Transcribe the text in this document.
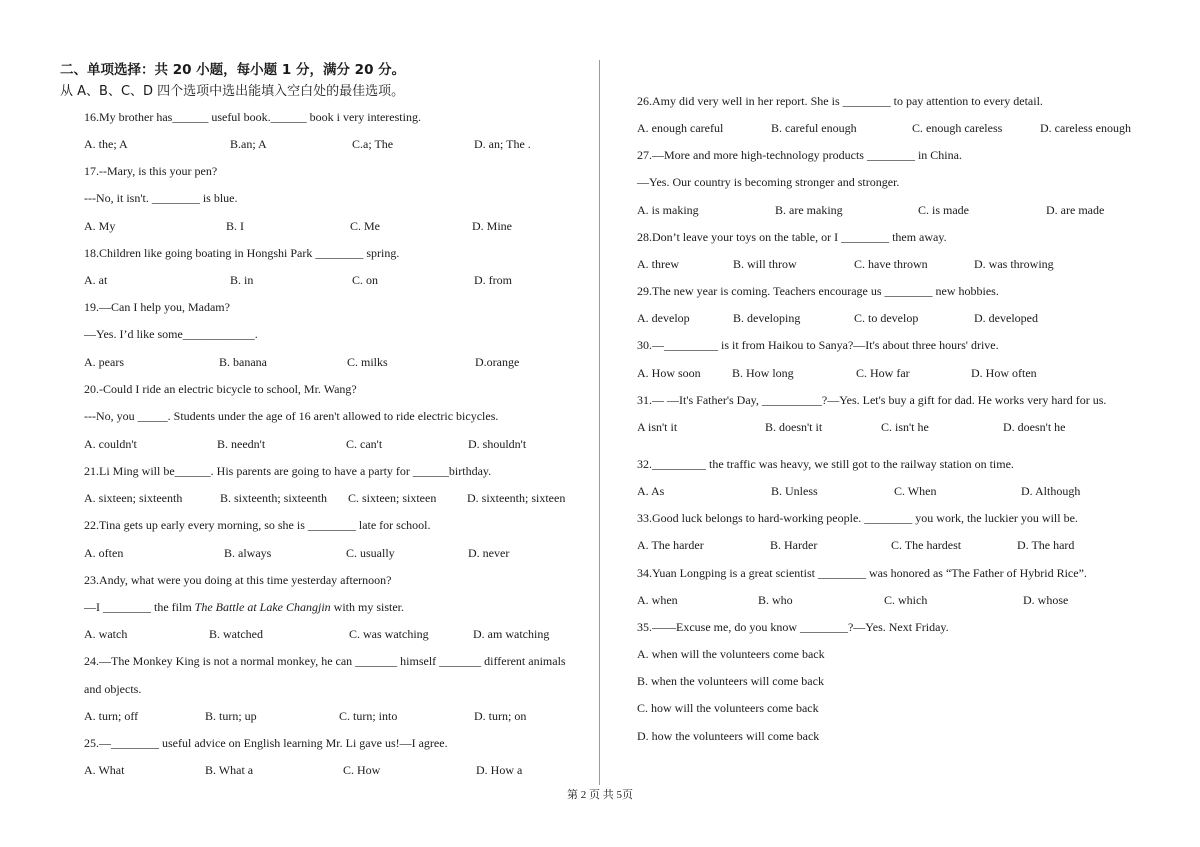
二、单项选择：共 20 小题，每小题 1 分，满分 20 分。
从 A、B、C、D 四个选项中选出能填入空白处的最佳选项。
16.My brother has______ useful book.______ book i very interesting.
A. the; A	B.an; A	C.a; The	D. an; The .
17.--Mary, is this your pen?
---No, it isn't. ________ is blue.
A. My	B. I	C. Me	D. Mine
18.Children like going boating in Hongshi Park ________ spring.
A. at	B. in	C. on	D. from
19.—Can I help you, Madam?
—Yes. I’d like some____________.
A. pears	B. banana	C. milks	D.orange
20.-Could I ride an electric bicycle to school, Mr. Wang?
---No, you _____. Students under the age of 16 aren't allowed to ride electric bicycles.
A. couldn't	B. needn't	C. can't	D. shouldn't
21.Li Ming will be______. His parents are going to have a party for ______birthday.
A. sixteen; sixteenth	B. sixteenth; sixteenth C. sixteen; sixteen	D. sixteenth; sixteen
22.Tina gets up early every morning, so she is ________ late for school.
A. often	B. always	C. usually	D. never
23.Andy, what were you doing at this time yesterday afternoon?
—I ________ the film The Battle at Lake Changjin with my sister.
A. watch	B. watched	C. was watching	D. am watching
24.—The Monkey King is not a normal monkey, he can _______ himself _______ different animals
and objects.
A. turn; off	B. turn; up	C. turn; into	D. turn; on
25.—________ useful advice on English learning Mr. Li gave us!—I agree.
A. What	B. What a	C. How	D. How a
26.Amy did very well in her report. She is ________ to pay attention to every detail.
A. enough careful	B. careful enough	C. enough careless	D. careless enough
27.—More and more high-technology products ________ in China.
—Yes. Our country is becoming stronger and stronger.
A. is making	B. are making	C. is made	D. are made
28.Don’t leave your toys on the table, or I ________ them away.
A. threw	B. will throw	C. have thrown	D. was throwing
29.The new year is coming. Teachers encourage us ________ new hobbies.
A. develop	B. developing	C. to develop	D. developed
30.—_________ is it from Haikou to Sanya?—It's about three hours' drive.
A. How soon	B. How long	C. How far	D. How often
31.— —It's Father's Day, __________?—Yes. Let's buy a gift for dad. He works very hard for us.
A isn't it	B. doesn't it	C. isn't he	D. doesn't he
32._________ the traffic was heavy, we still got to the railway station on time.
A. As	B. Unless	C. When	D. Although
33.Good luck belongs to hard-working people. ________ you work, the luckier you will be.
A. The harder	B. Harder	C. The hardest	D. The hard
34.Yuan Longping is a great scientist ________ was honored as “The Father of Hybrid Rice”.
A. when	B. who	C. which	D. whose
35.——Excuse me, do you know ________?—Yes. Next Friday.
A. when will the volunteers come back
B. when the volunteers will come back
C. how will the volunteers come back
D. how the volunteers will come back
第 2 页 共 5页
